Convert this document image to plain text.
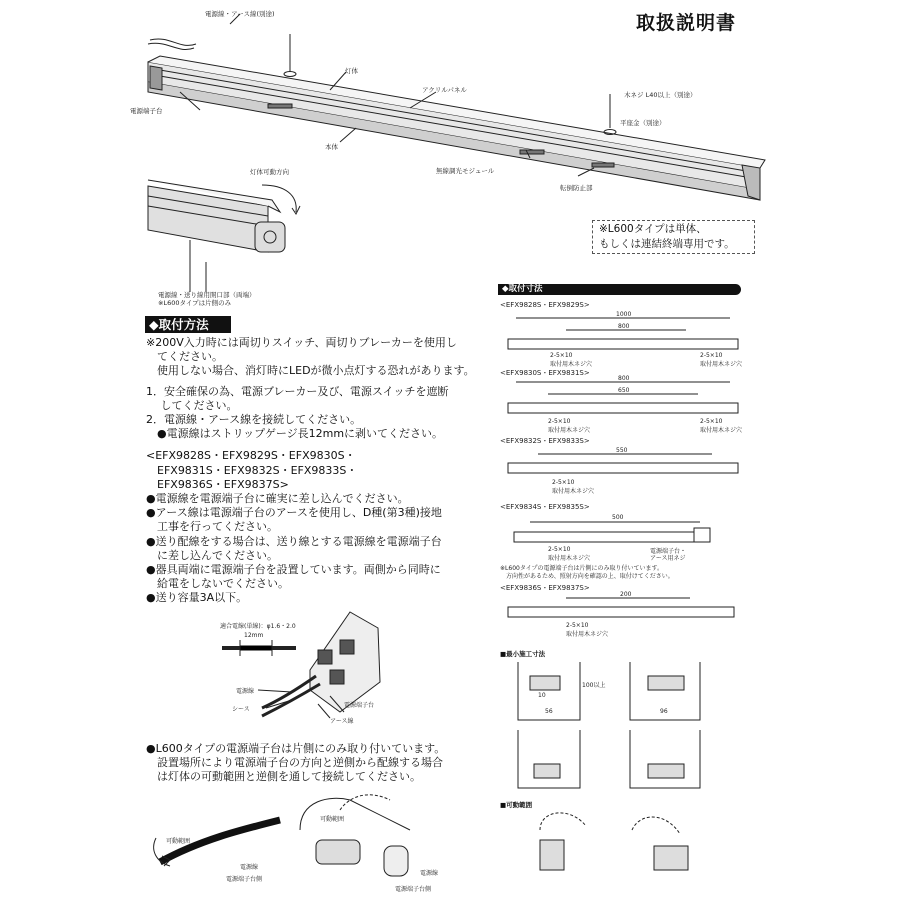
取扱説明書
電源線・アース線(別途)
灯体
アクリルパネル
木ネジ L40以上（別途）
平座金（別途）
電源端子台
本体
無線調光モジュール
転倒防止部
灯体可動方向
電源線・送り線用開口部（両端）
※L600タイプは片側のみ
※L600タイプは単体、
もしくは連結終端専用です。
◆取付方法
◆取付寸法
※200V入力時には両切りスイッチ、両切りブレーカーを使用し
　てください。
　使用しない場合、消灯時にLEDが微小点灯する恐れがあります。
1．安全確保の為、電源ブレーカー及び、電源スイッチを遮断
　 してください。
2．電源線・アース線を接続してください。
　●電源線はストリップゲージ長12mmに剥いてください。
<EFX9828S・EFX9829S・EFX9830S・
　EFX9831S・EFX9832S・EFX9833S・
　EFX9836S・EFX9837S>
●電源線を電源端子台に確実に差し込んでください。
●アース線は電源端子台のアースを使用し、D種(第3種)接地
　工事を行ってください。
●送り配線をする場合は、送り線とする電源線を電源端子台
　に差し込んでください。
●器具両端に電源端子台を設置しています。両側から同時に
　給電をしないでください。
●送り容量3A以下。
適合電線(単線)：φ1.6・2.0
12mm
電源線
シース
電源端子台
アース線
●L600タイプの電源端子台は片側にのみ取り付いています。
　設置場所により電源端子台の方向と逆側から配線する場合
　は灯体の可動範囲と逆側を通して接続してください。
可動範囲
可動範囲
電源線
電源端子台側
電源線
電源端子台側
<EFX9828S・EFX9829S>
1000
800
2-5×10
取付用木ネジ穴
2-5×10
取付用木ネジ穴
<EFX9830S・EFX9831S>
800
650
2-5×10
取付用木ネジ穴
2-5×10
取付用木ネジ穴
<EFX9832S・EFX9833S>
550
2-5×10
取付用木ネジ穴
<EFX9834S・EFX9835S>
500
2-5×10
取付用木ネジ穴
電源端子台・
アース用ネジ
※L600タイプの電源端子台は片側にのみ取り付いています。
　方向性があるため、照射方向を確認の上、取付けてください。
<EFX9836S・EFX9837S>
200
2-5×10
取付用木ネジ穴
■最小施工寸法
10
56	96
100以上
■可動範囲
